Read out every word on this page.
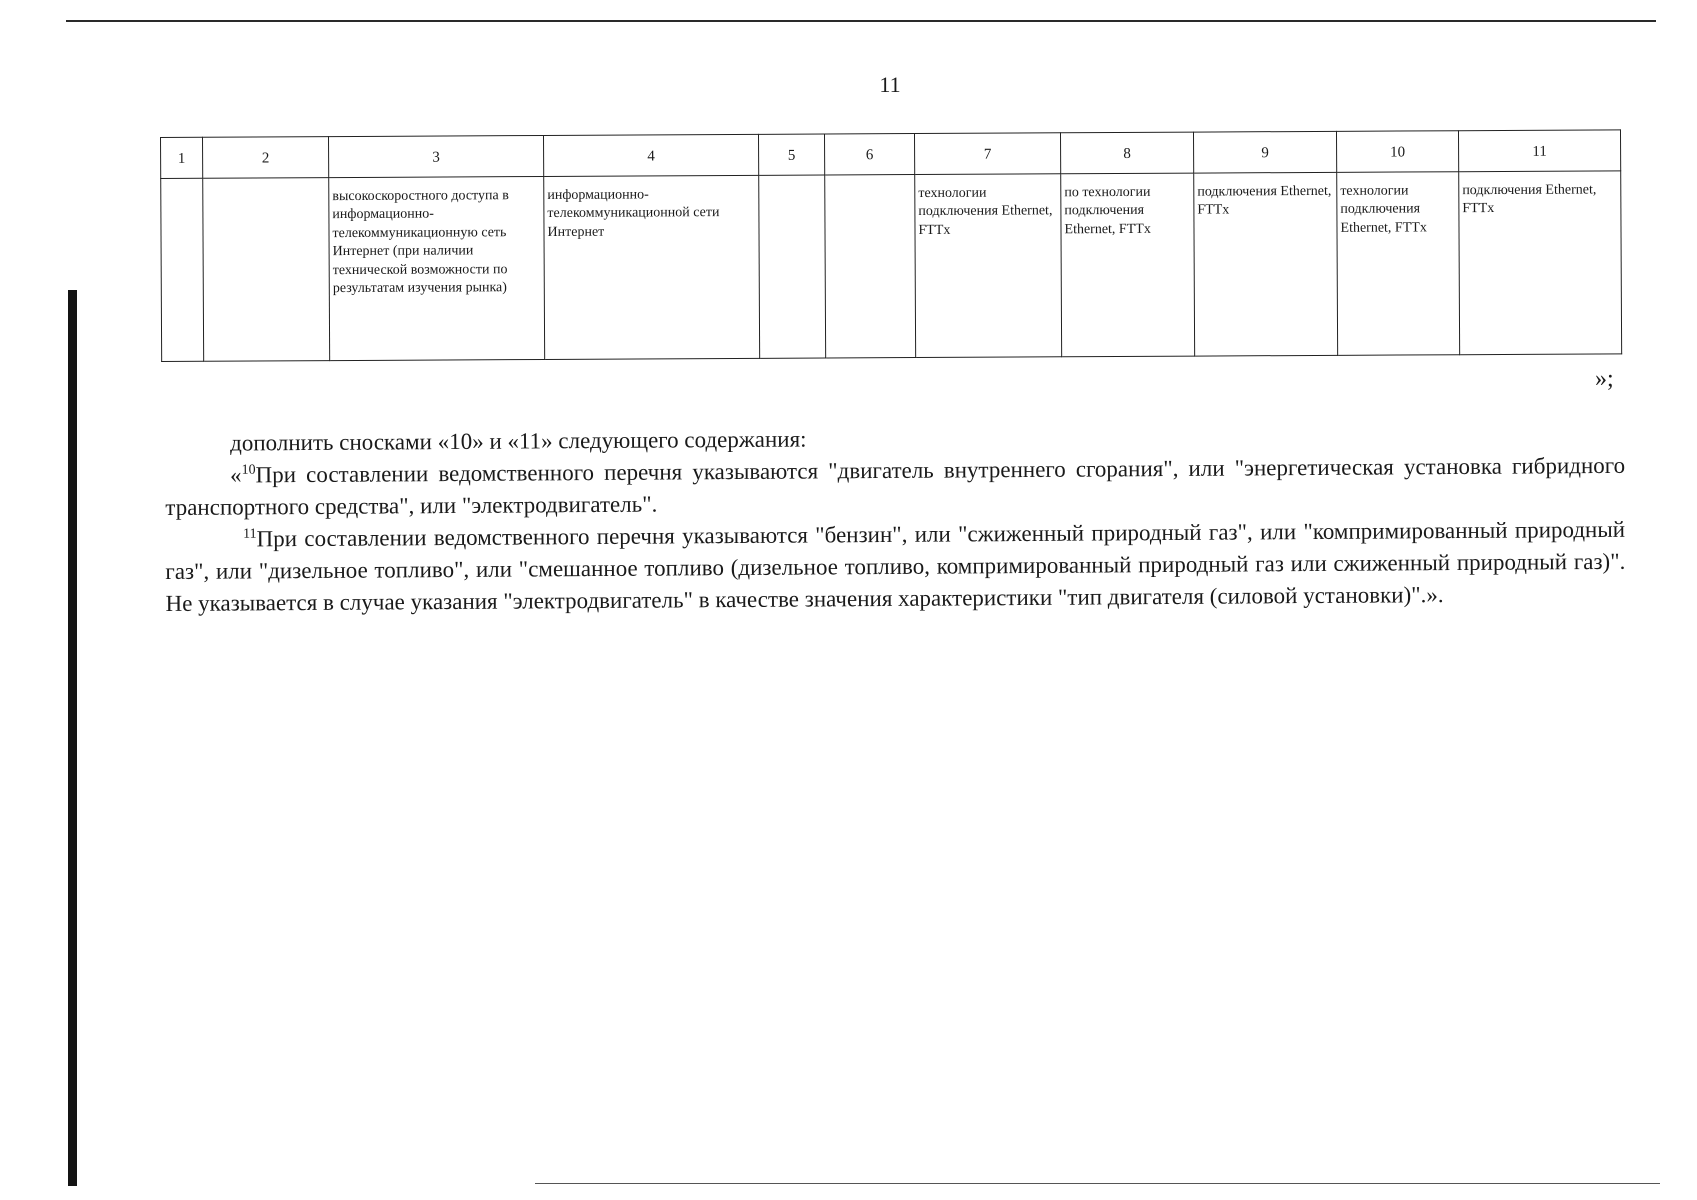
11
1	2	3	4	5	6	7	8	9	10	11
		высокоскоростного доступа в информационно-телекоммуникационную сеть Интернет (при наличии технической возможности по результатам изучения рынка)	информационно-телекоммуникационной сети Интернет			технологии подключения Ethernet, FTTx	по технологии подключения Ethernet, FTTx	подключения Ethernet, FTTx	технологии подключения Ethernet, FTTx	подключения Ethernet, FTTx
»;

дополнить сносками «10» и «11» следующего содержания:

«$^{10}$При составлении ведомственного перечня указываются "двигатель внутреннего сгорания", или "энергетическая установка гибридного транспортного средства", или "электродвигатель".

$^{11}$При составлении ведомственного перечня указываются "бензин", или "сжиженный природный газ", или "компримированный природный газ", или "дизельное топливо", или "смешанное топливо (дизельное топливо, компримированный природный газ или сжиженный природный газ)". Не указывается в случае указания "электродвигатель" в качестве значения характеристики "тип двигателя (силовой установки)".».
